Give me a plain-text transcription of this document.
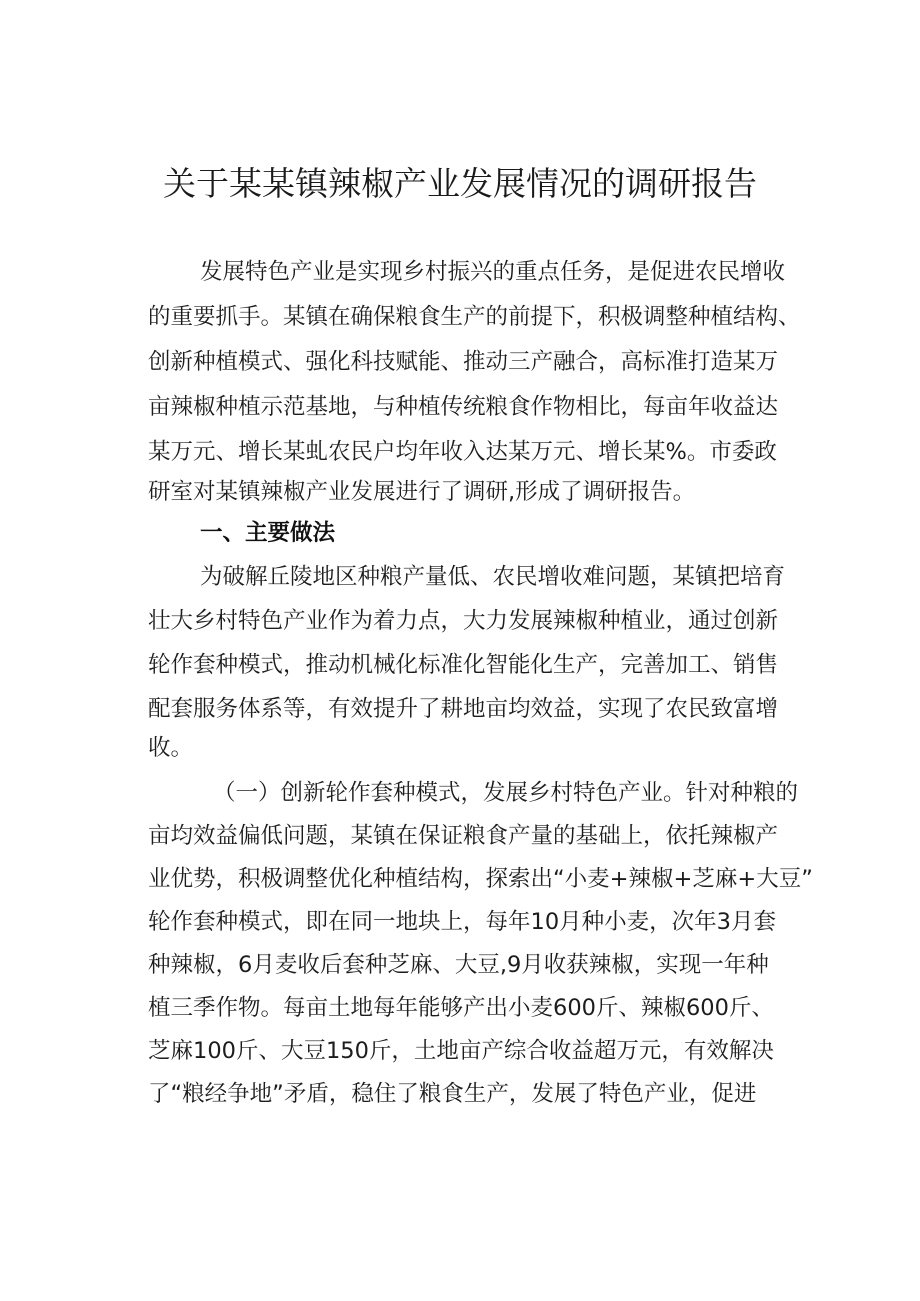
关于某某镇辣椒产业发展情况的调研报告
发展特色产业是实现乡村振兴的重点任务，是促进农民增收
的重要抓手。某镇在确保粮食生产的前提下，积极调整种植结构、
创新种植模式、强化科技赋能、推动三产融合，高标准打造某万
亩辣椒种植示范基地，与种植传统粮食作物相比，每亩年收益达
某万元、增长某虬农民户均年收入达某万元、增长某%。市委政
研室对某镇辣椒产业发展进行了调研,形成了调研报告。
一、主要做法
为破解丘陵地区种粮产量低、农民增收难问题，某镇把培育
壮大乡村特色产业作为着力点，大力发展辣椒种植业，通过创新
轮作套种模式，推动机械化标准化智能化生产，完善加工、销售
配套服务体系等，有效提升了耕地亩均效益，实现了农民致富增
收。
（一）创新轮作套种模式，发展乡村特色产业。针对种粮的
亩均效益偏低问题，某镇在保证粮食产量的基础上，依托辣椒产
业优势，积极调整优化种植结构，探索出“小麦+辣椒+芝麻+大豆”
轮作套种模式，即在同一地块上，每年10月种小麦，次年3月套
种辣椒，6月麦收后套种芝麻、大豆,9月收获辣椒，实现一年种
植三季作物。每亩土地每年能够产出小麦600斤、辣椒600斤、
芝麻100斤、大豆150斤，土地亩产综合收益超万元，有效解决
了“粮经争地”矛盾，稳住了粮食生产，发展了特色产业，促进
